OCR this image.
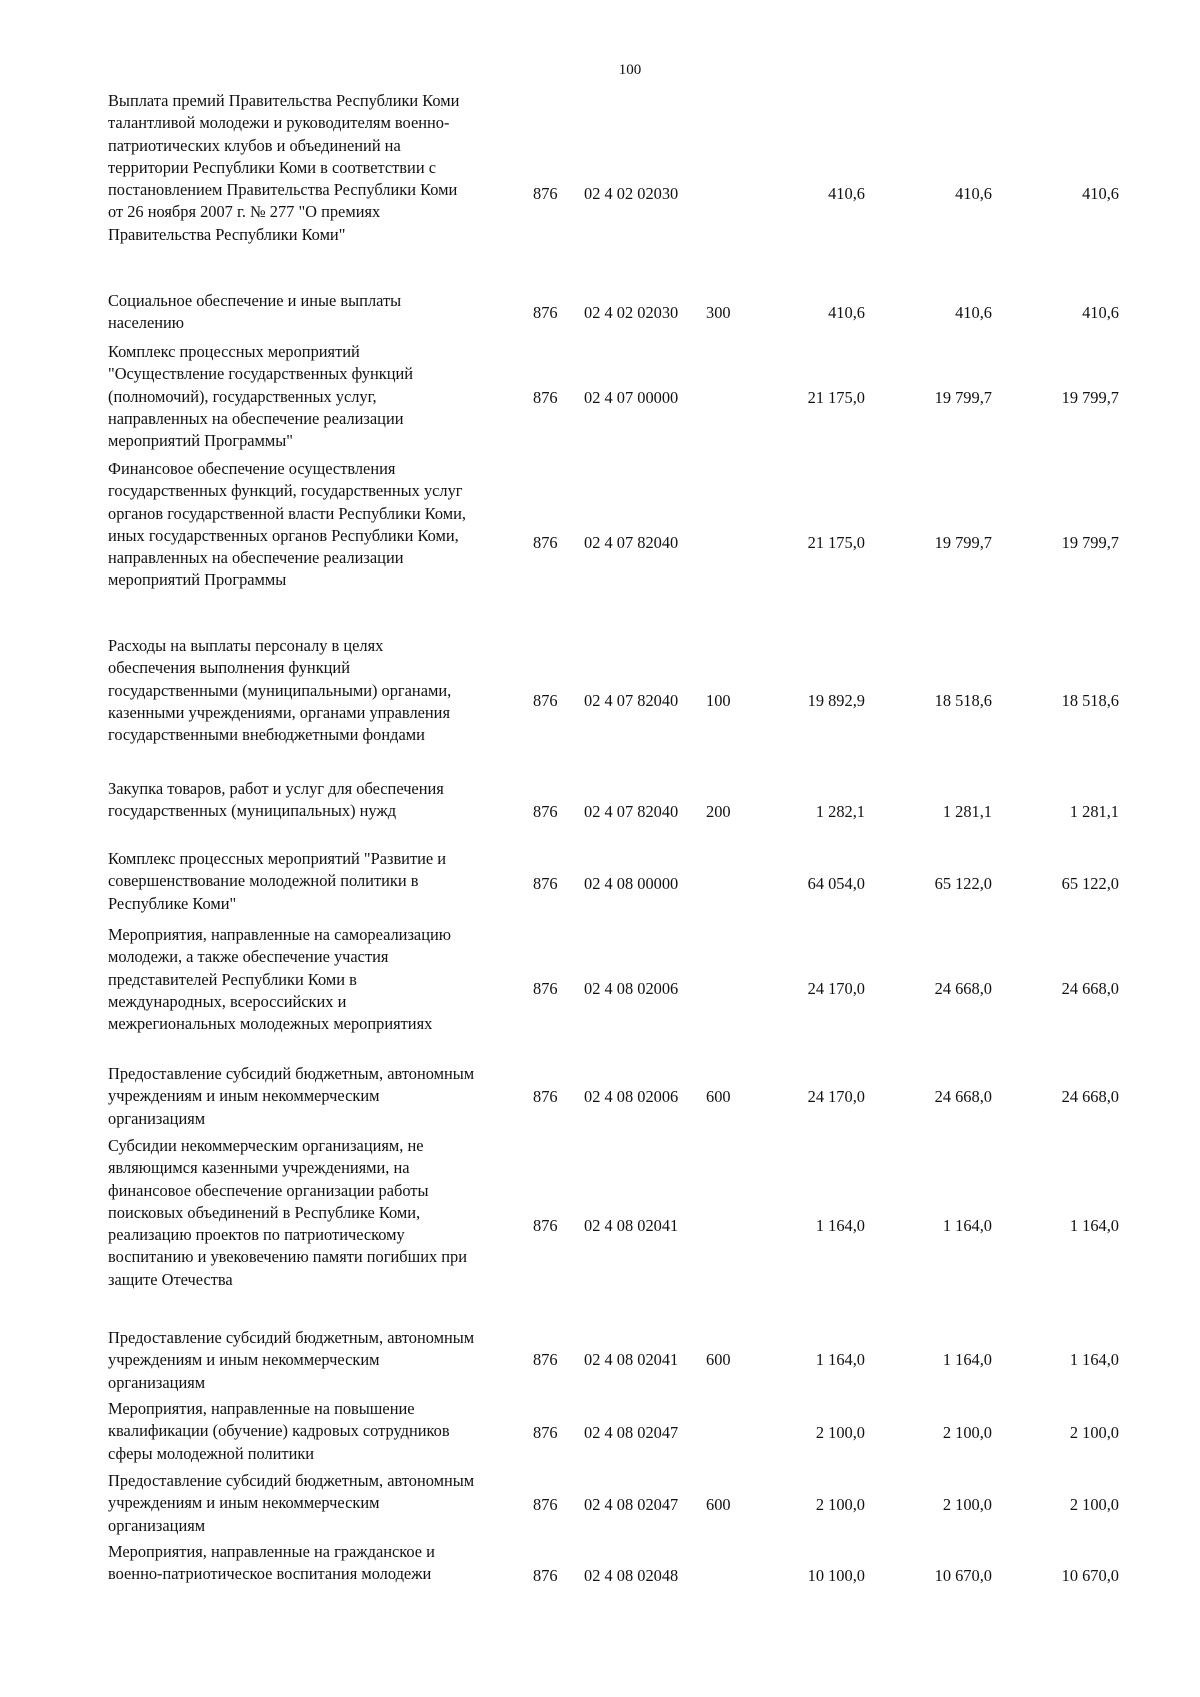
100
Выплата премий Правительства Республики Коми
талантливой молодежи и руководителям военно-
патриотических клубов и объединений на
территории Республики Коми в соответствии с
постановлением Правительства Республики Коми
от 26 ноября 2007 г. № 277 "О премиях
Правительства Республики Коми"
876 02 4 02 02030	410,6	410,6	410,6
Социальное обеспечение и иные выплаты
населению
876 02 4 02 02030 300	410,6	410,6	410,6
Комплекс процессных мероприятий
"Осуществление государственных функций
(полномочий), государственных услуг,
направленных на обеспечение реализации
мероприятий Программы"
876 02 4 07 00000	21 175,0	19 799,7	19 799,7
Финансовое обеспечение осуществления
государственных функций, государственных услуг
органов государственной власти Республики Коми,
иных государственных органов Республики Коми,
направленных на обеспечение реализации
мероприятий Программы
876 02 4 07 82040	21 175,0	19 799,7	19 799,7
Расходы на выплаты персоналу в целях
обеспечения выполнения функций
государственными (муниципальными) органами,
казенными учреждениями, органами управления
государственными внебюджетными фондами
876 02 4 07 82040 100	19 892,9	18 518,6	18 518,6
Закупка товаров, работ и услуг для обеспечения
государственных (муниципальных) нужд	876 02 4 07 82040 200	1 282,1	1 281,1	1 281,1
Комплекс процессных мероприятий "Развитие и
совершенствование молодежной политики в
Республике Коми"
876 02 4 08 00000	64 054,0	65 122,0	65 122,0
Мероприятия, направленные на самореализацию
молодежи, а также обеспечение участия
представителей Республики Коми в
международных, всероссийских и
межрегиональных молодежных мероприятиях
876 02 4 08 02006	24 170,0	24 668,0	24 668,0
Предоставление субсидий бюджетным, автономным
учреждениям и иным некоммерческим
организациям
876 02 4 08 02006 600	24 170,0	24 668,0	24 668,0
Субсидии некоммерческим организациям, не
являющимся казенными учреждениями, на
финансовое обеспечение организации работы
поисковых объединений в Республике Коми,
реализацию проектов по патриотическому
воспитанию и увековечению памяти погибших при
защите Отечества
876 02 4 08 02041	1 164,0	1 164,0	1 164,0
Предоставление субсидий бюджетным, автономным
учреждениям и иным некоммерческим
организациям
876 02 4 08 02041 600	1 164,0	1 164,0	1 164,0
Мероприятия, направленные на повышение
квалификации (обучение) кадровых сотрудников
сферы молодежной политики
876 02 4 08 02047	2 100,0	2 100,0	2 100,0
Предоставление субсидий бюджетным, автономным
учреждениям и иным некоммерческим
организациям
876 02 4 08 02047 600	2 100,0	2 100,0	2 100,0
Мероприятия, направленные на гражданское и
военно-патриотическое воспитания молодежи	876 02 4 08 02048	10 100,0	10 670,0	10 670,0
